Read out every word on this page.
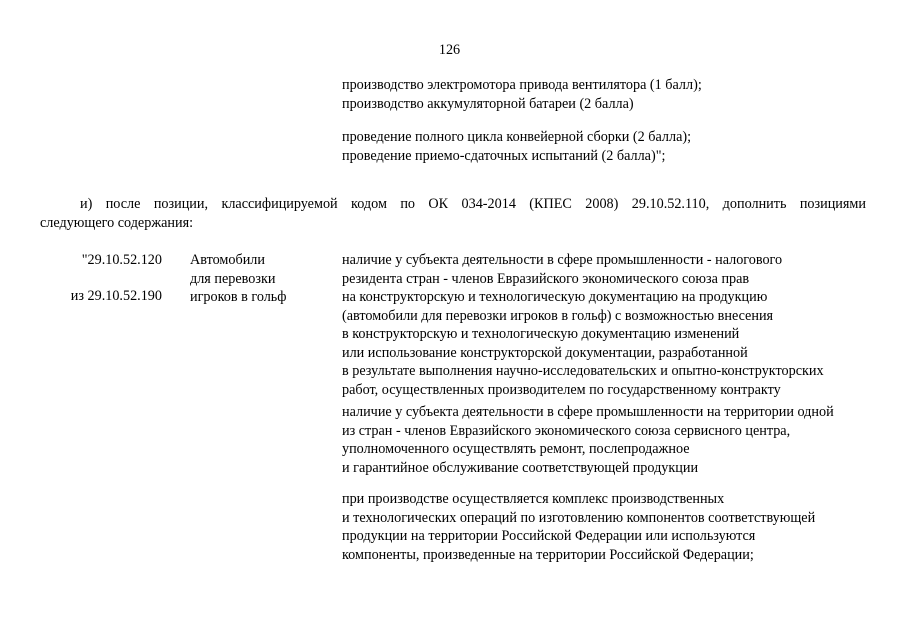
126
производство электромотора привода вентилятора (1 балл);
производство аккумуляторной батареи (2 балла)
проведение полного цикла конвейерной сборки (2 балла);
проведение приемо-сдаточных испытаний (2 балла)";
и) после позиции, классифицируемой кодом по ОК 034-2014 (КПЕС 2008) 29.10.52.110, дополнить позициями
следующего содержания:
"29.10.52.120
из 29.10.52.190
Автомобили
для перевозки
игроков в гольф
наличие у субъекта деятельности в сфере промышленности - налогового
резидента стран - членов Евразийского экономического союза прав
на конструкторскую и технологическую документацию на продукцию
(автомобили для перевозки игроков в гольф) с возможностью внесения
в конструкторскую и технологическую документацию изменений
или использование конструкторской документации, разработанной
в результате выполнения научно-исследовательских и опытно-конструкторских
работ, осуществленных производителем по государственному контракту
наличие у субъекта деятельности в сфере промышленности на территории одной
из стран - членов Евразийского экономического союза сервисного центра,
уполномоченного осуществлять ремонт, послепродажное
и гарантийное обслуживание соответствующей продукции
при производстве осуществляется комплекс производственных
и технологических операций по изготовлению компонентов соответствующей
продукции на территории Российской Федерации или используются
компоненты, произведенные на территории Российской Федерации;
